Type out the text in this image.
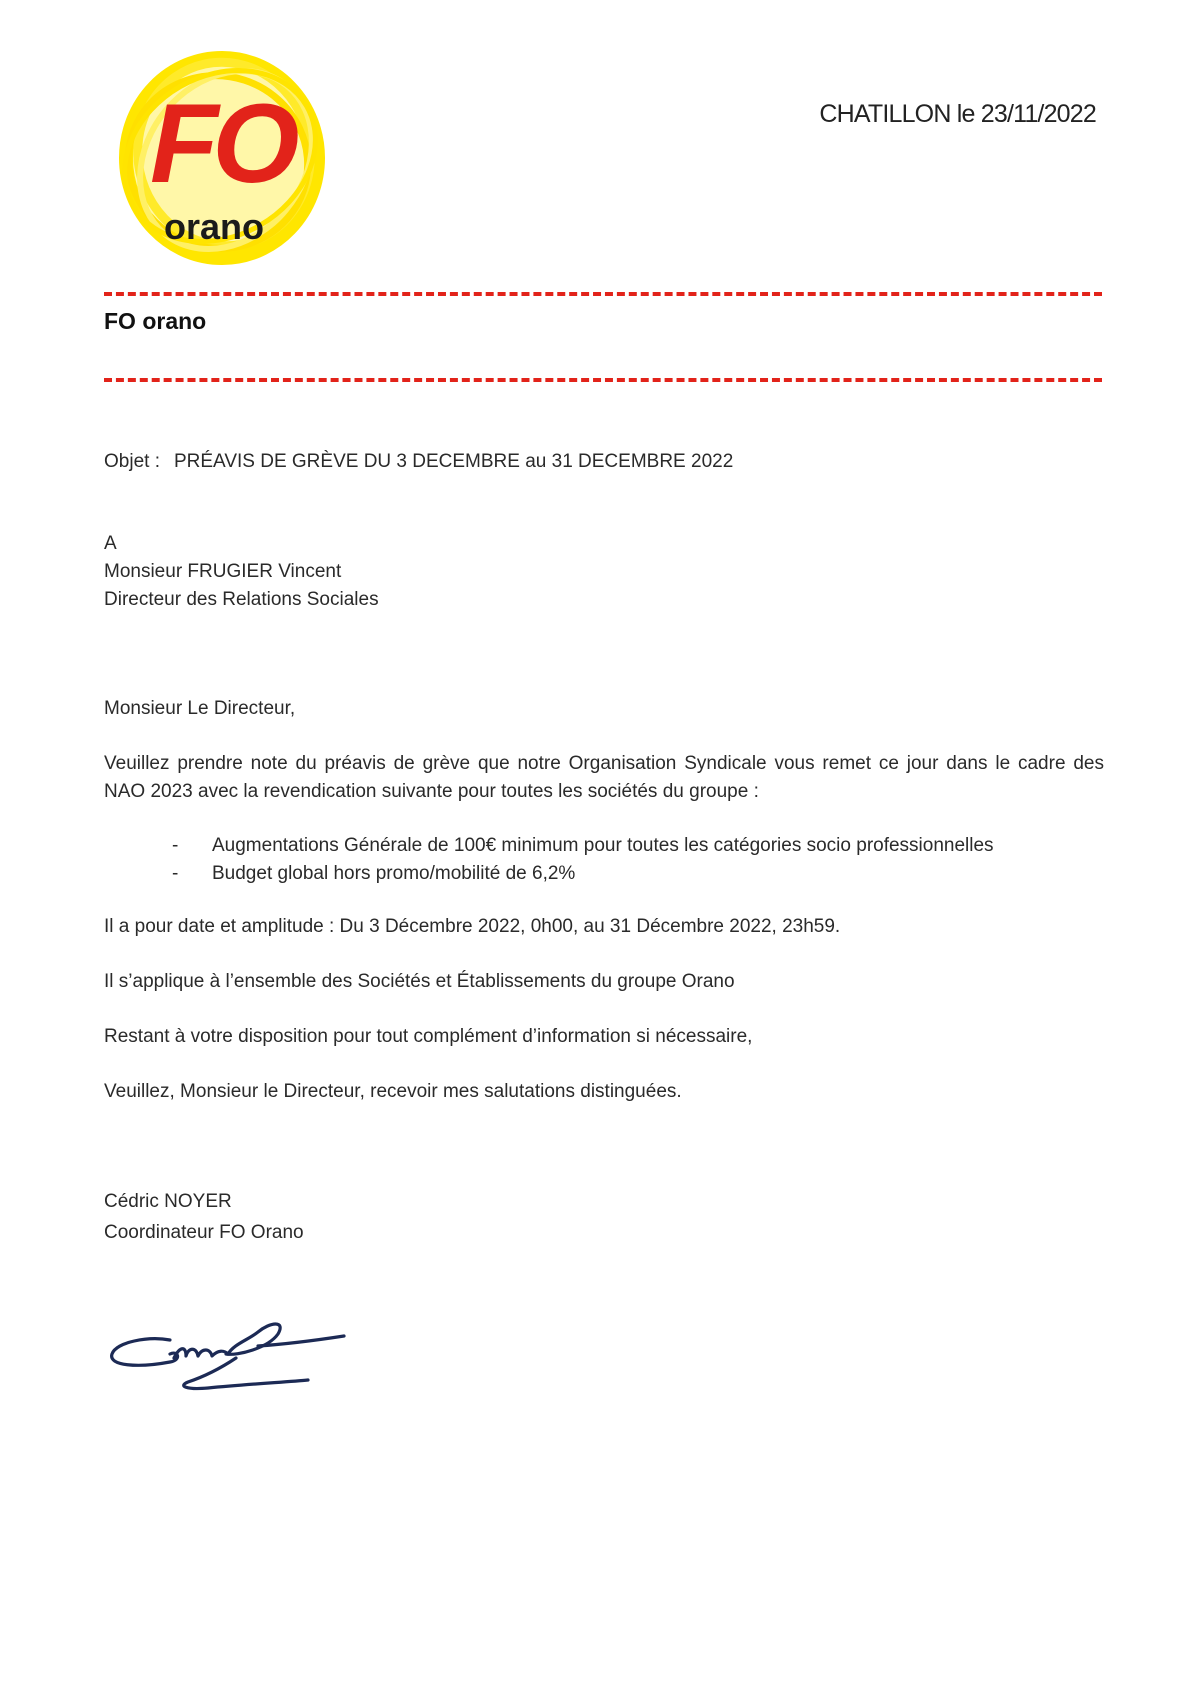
FO
orano
CHATILLON le 23/11/2022
FO orano
Objet : PRÉAVIS DE GRÈVE DU 3 DECEMBRE au 31 DECEMBRE 2022
A
Monsieur FRUGIER Vincent
Directeur des Relations Sociales
Monsieur Le Directeur,
Veuillez prendre note du préavis de grève que notre Organisation Syndicale vous remet ce jour dans le cadre des NAO 2023 avec la revendication suivante pour toutes les sociétés du groupe :
-	Augmentations Générale de 100€ minimum pour toutes les catégories socio professionnelles
-	Budget global hors promo/mobilité de 6,2%
Il a pour date et amplitude : Du 3 Décembre 2022, 0h00, au 31 Décembre 2022, 23h59.
Il s’applique à l’ensemble des Sociétés et Établissements du groupe Orano
Restant à votre disposition pour tout complément d’information si nécessaire,
Veuillez, Monsieur le Directeur, recevoir mes salutations distinguées.
Cédric NOYER
Coordinateur FO Orano
